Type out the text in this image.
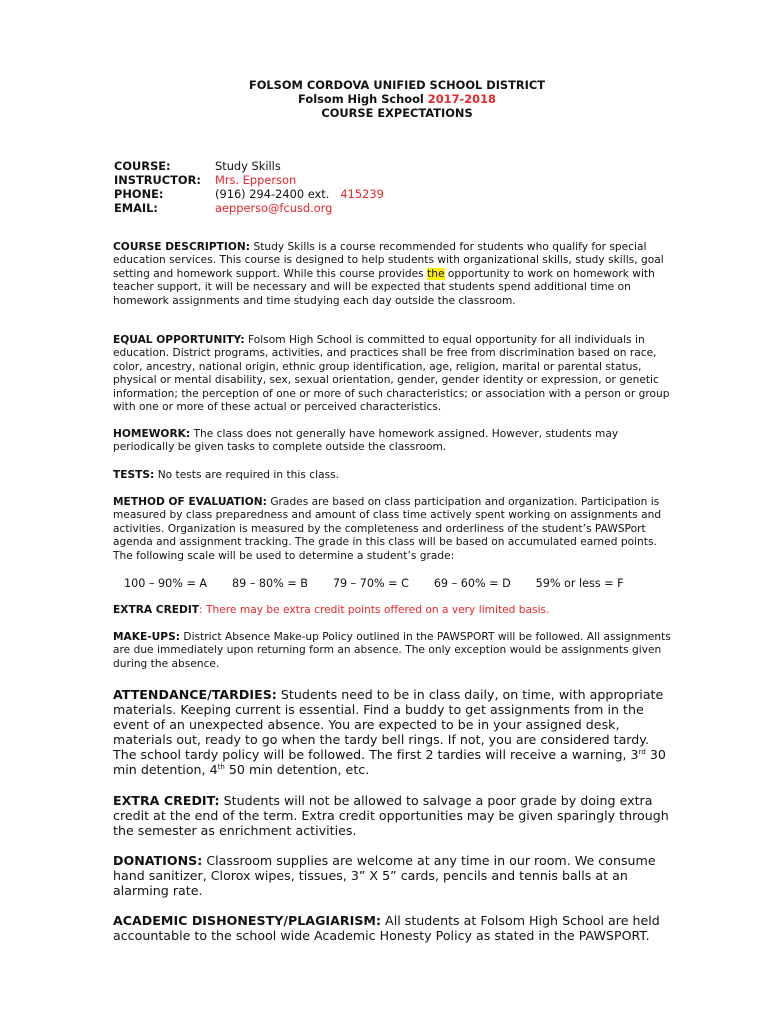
FOLSOM CORDOVA UNIFIED SCHOOL DISTRICT
Folsom High School 2017-2018
COURSE EXPECTATIONS
COURSE:	Study Skills
INSTRUCTOR:	Mrs. Epperson
PHONE:	(916) 294-2400 ext. 415239
EMAIL:	aepperso@fcusd.org
COURSE DESCRIPTION: Study Skills is a course recommended for students who qualify for special education services. This course is designed to help students with organizational skills, study skills, goal setting and homework support. While this course provides the opportunity to work on homework with teacher support, it will be necessary and will be expected that students spend additional time on homework assignments and time studying each day outside the classroom.
EQUAL OPPORTUNITY: Folsom High School is committed to equal opportunity for all individuals in education. District programs, activities, and practices shall be free from discrimination based on race, color, ancestry, national origin, ethnic group identification, age, religion, marital or parental status, physical or mental disability, sex, sexual orientation, gender, gender identity or expression, or genetic information; the perception of one or more of such characteristics; or association with a person or group with one or more of these actual or perceived characteristics.
HOMEWORK: The class does not generally have homework assigned. However, students may periodically be given tasks to complete outside the classroom.
TESTS: No tests are required in this class.
METHOD OF EVALUATION: Grades are based on class participation and organization. Participation is measured by class preparedness and amount of class time actively spent working on assignments and activities. Organization is measured by the completeness and orderliness of the student’s PAWSPort agenda and assignment tracking. The grade in this class will be based on accumulated earned points. The following scale will be used to determine a student’s grade:
100 – 90% = A       89 – 80% = B       79 – 70% = C       69 – 60% = D       59% or less = F
EXTRA CREDIT: There may be extra credit points offered on a very limited basis.
MAKE-UPS: District Absence Make-up Policy outlined in the PAWSPORT will be followed. All assignments are due immediately upon returning form an absence. The only exception would be assignments given during the absence.
ATTENDANCE/TARDIES: Students need to be in class daily, on time, with appropriate materials. Keeping current is essential. Find a buddy to get assignments from in the event of an unexpected absence. You are expected to be in your assigned desk, materials out, ready to go when the tardy bell rings. If not, you are considered tardy. The school tardy policy will be followed. The first 2 tardies will receive a warning, 3rd 30 min detention, 4th 50 min detention, etc.
EXTRA CREDIT: Students will not be allowed to salvage a poor grade by doing extra credit at the end of the term. Extra credit opportunities may be given sparingly through the semester as enrichment activities.
DONATIONS: Classroom supplies are welcome at any time in our room. We consume hand sanitizer, Clorox wipes, tissues, 3” X 5” cards, pencils and tennis balls at an alarming rate.
ACADEMIC DISHONESTY/PLAGIARISM: All students at Folsom High School are held accountable to the school wide Academic Honesty Policy as stated in the PAWSPORT.
